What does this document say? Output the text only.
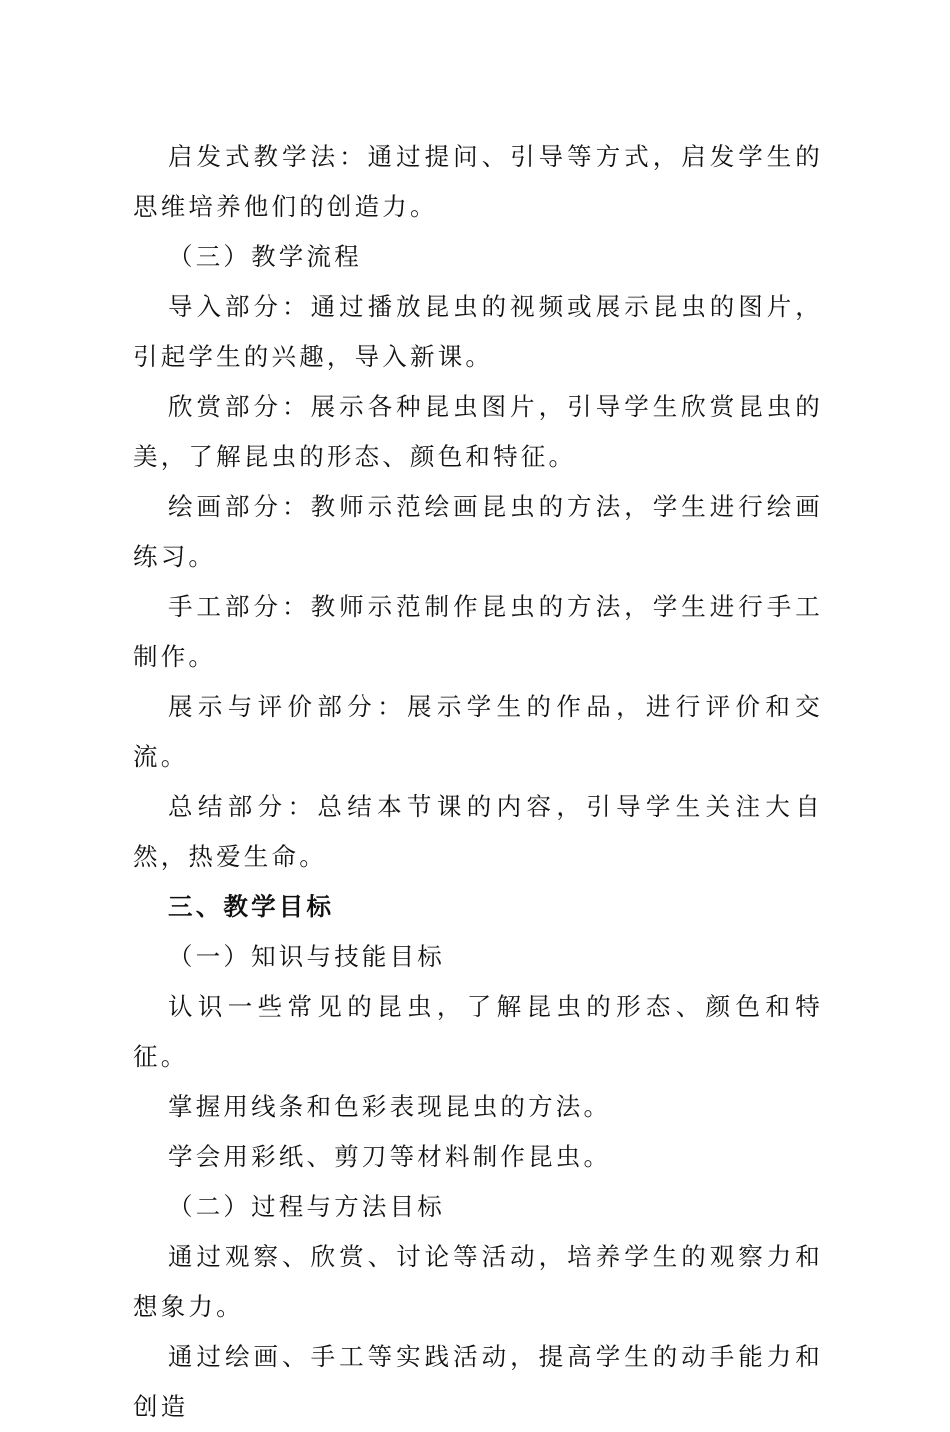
启发式教学法：通过提问、引导等方式，启发学生的思维培养他们的创造力。

（三）教学流程

导入部分：通过播放昆虫的视频或展示昆虫的图片，引起学生的兴趣，导入新课。

欣赏部分：展示各种昆虫图片，引导学生欣赏昆虫的美，了解昆虫的形态、颜色和特征。

绘画部分：教师示范绘画昆虫的方法，学生进行绘画练习。

手工部分：教师示范制作昆虫的方法，学生进行手工制作。

展示与评价部分：展示学生的作品，进行评价和交流。

总结部分：总结本节课的内容，引导学生关注大自然，热爱生命。

三、教学目标

（一）知识与技能目标

认识一些常见的昆虫，了解昆虫的形态、颜色和特征。

掌握用线条和色彩表现昆虫的方法。

学会用彩纸、剪刀等材料制作昆虫。

（二）过程与方法目标

通过观察、欣赏、讨论等活动，培养学生的观察力和想象力。

通过绘画、手工等实践活动，提高学生的动手能力和创造
